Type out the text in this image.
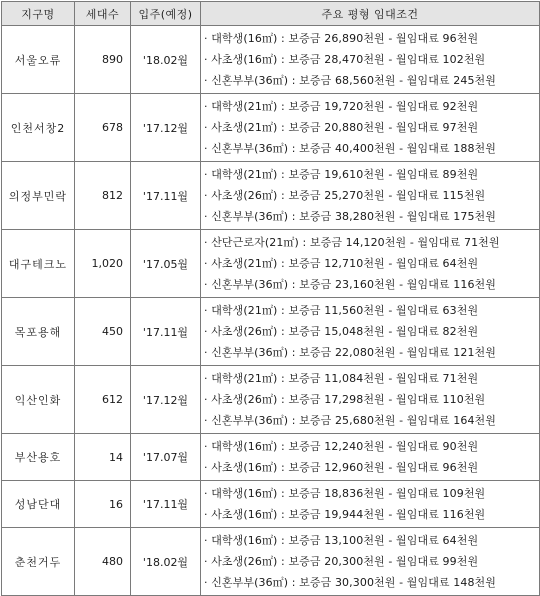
지구명	세대수	입주(예정)	주요 평형 임대조건
서울오류	890	'18.02월	· 대학생(16㎡) : 보증금 26,890천원 - 월임대료 96천원
· 사초생(16㎡) : 보증금 28,470천원 - 월임대료 102천원
· 신혼부부(36㎡) : 보증금 68,560천원 - 월임대료 245천원

인천서창2	678	'17.12월	· 대학생(21㎡) : 보증금 19,720천원 - 월임대료 92천원
· 사초생(21㎡) : 보증금 20,880천원 - 월임대료 97천원
· 신혼부부(36㎡) : 보증금 40,400천원 - 월임대료 188천원

의정부민락	812	'17.11월	· 대학생(21㎡) : 보증금 19,610천원 - 월임대료 89천원
· 사초생(26㎡) : 보증금 25,270천원 - 월임대료 115천원
· 신혼부부(36㎡) : 보증금 38,280천원 - 월임대료 175천원

대구테크노	1,020	'17.05월	· 산단근로자(21㎡) : 보증금 14,120천원 - 월임대료 71천원
· 사초생(21㎡) : 보증금 12,710천원 - 월임대료 64천원
· 신혼부부(36㎡) : 보증금 23,160천원 - 월임대료 116천원

목포용해	450	'17.11월	· 대학생(21㎡) : 보증금 11,560천원 - 월임대료 63천원
· 사초생(26㎡) : 보증금 15,048천원 - 월임대료 82천원
· 신혼부부(36㎡) : 보증금 22,080천원 - 월임대료 121천원

익산인화	612	'17.12월	· 대학생(21㎡) : 보증금 11,084천원 - 월임대료 71천원
· 사초생(26㎡) : 보증금 17,298천원 - 월임대료 110천원
· 신혼부부(36㎡) : 보증금 25,680천원 - 월임대료 164천원

부산용호	14	'17.07월	· 대학생(16㎡) : 보증금 12,240천원 - 월임대료 90천원
· 사초생(16㎡) : 보증금 12,960천원 - 월임대료 96천원

성남단대	16	'17.11월	· 대학생(16㎡) : 보증금 18,836천원 - 월임대료 109천원
· 사초생(16㎡) : 보증금 19,944천원 - 월임대료 116천원

춘천거두	480	'18.02월	· 대학생(16㎡) : 보증금 13,100천원 - 월임대료 64천원
· 사초생(26㎡) : 보증금 20,300천원 - 월임대료 99천원
· 신혼부부(36㎡) : 보증금 30,300천원 - 월임대료 148천원
